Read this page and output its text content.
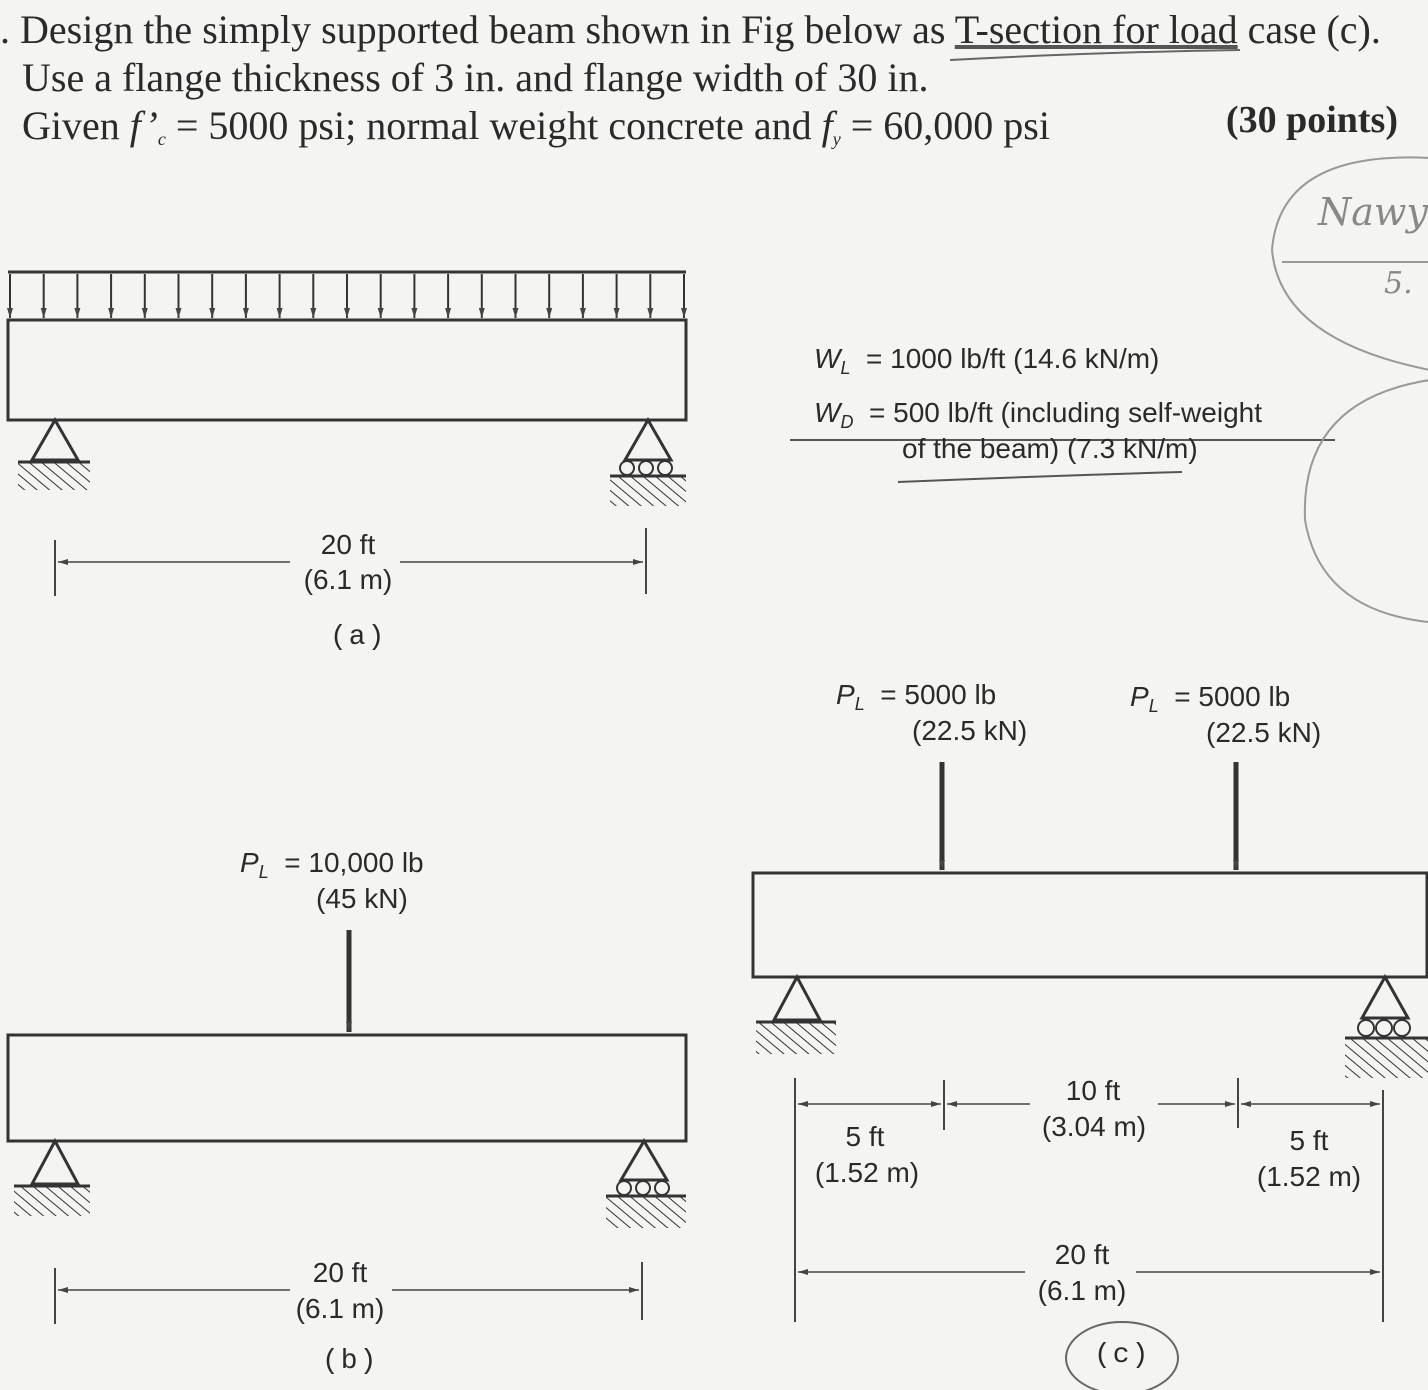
. Design the simply supported beam shown in Fig below as T-section for load case (c).
Use a flange thickness of 3 in. and flange width of 30 in.
Given $f’_c = 5000$ psi; normal weight concrete and $f_y = 60,000$ psi	(30 points)
$W_L = 1000$ lb/ft (14.6 kN/m)
$W_D = 500$ lb/ft (including self-weight
of the beam) (7.3 kN/m)
20 ft
(6.1 m)
(a)
$P_L = 10,000$ lb
(45 kN)
20 ft
(6.1 m)
(b)
$P_L = 5000$ lb
(22.5 kN)
$P_L = 5000$ lb
(22.5 kN)
5 ft
(1.52 m)
10 ft
(3.04 m)	5 ft
(1.52 m)
20 ft
(6.1 m)
(c)
Nawy
5.
